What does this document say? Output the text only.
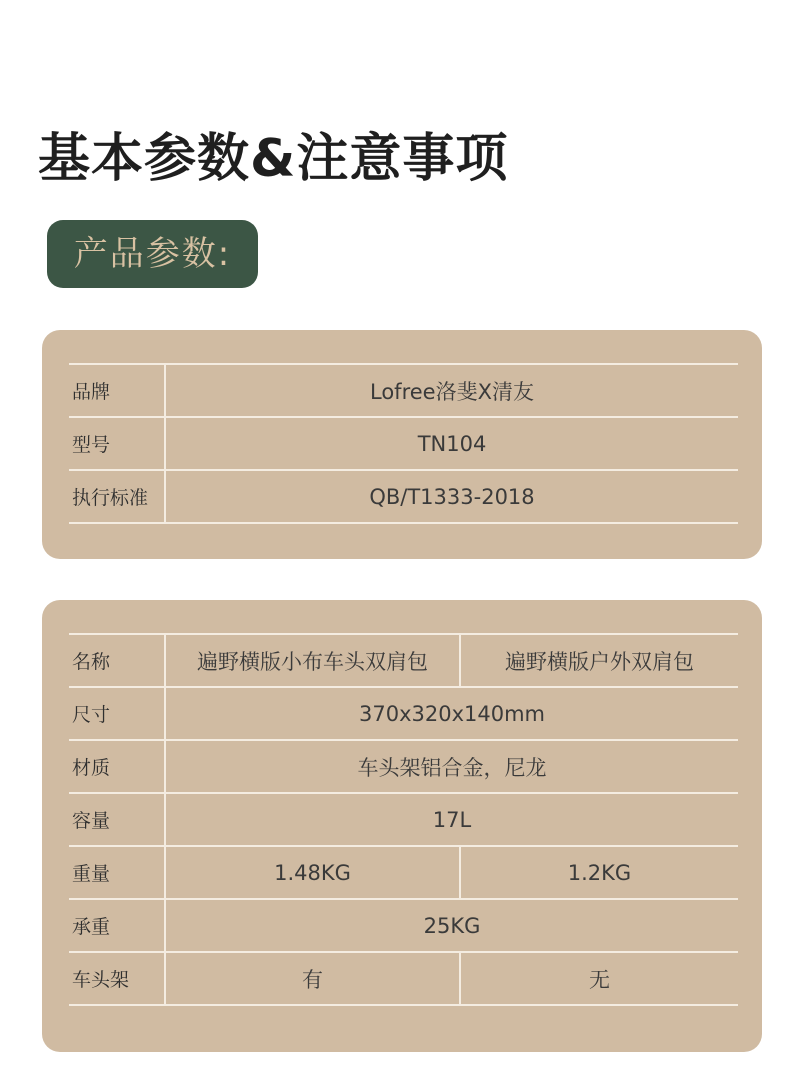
基本参数&注意事项
产品参数:
品牌	Lofree洛斐X清友
型号	TN104
执行标准	QB/T1333-2018
名称	遍野横版小布车头双肩包	遍野横版户外双肩包
尺寸	370x320x140mm	
材质	车头架铝合金，尼龙	
容量	17L	
重量	1.48KG	1.2KG
承重	25KG	
车头架	有	无
